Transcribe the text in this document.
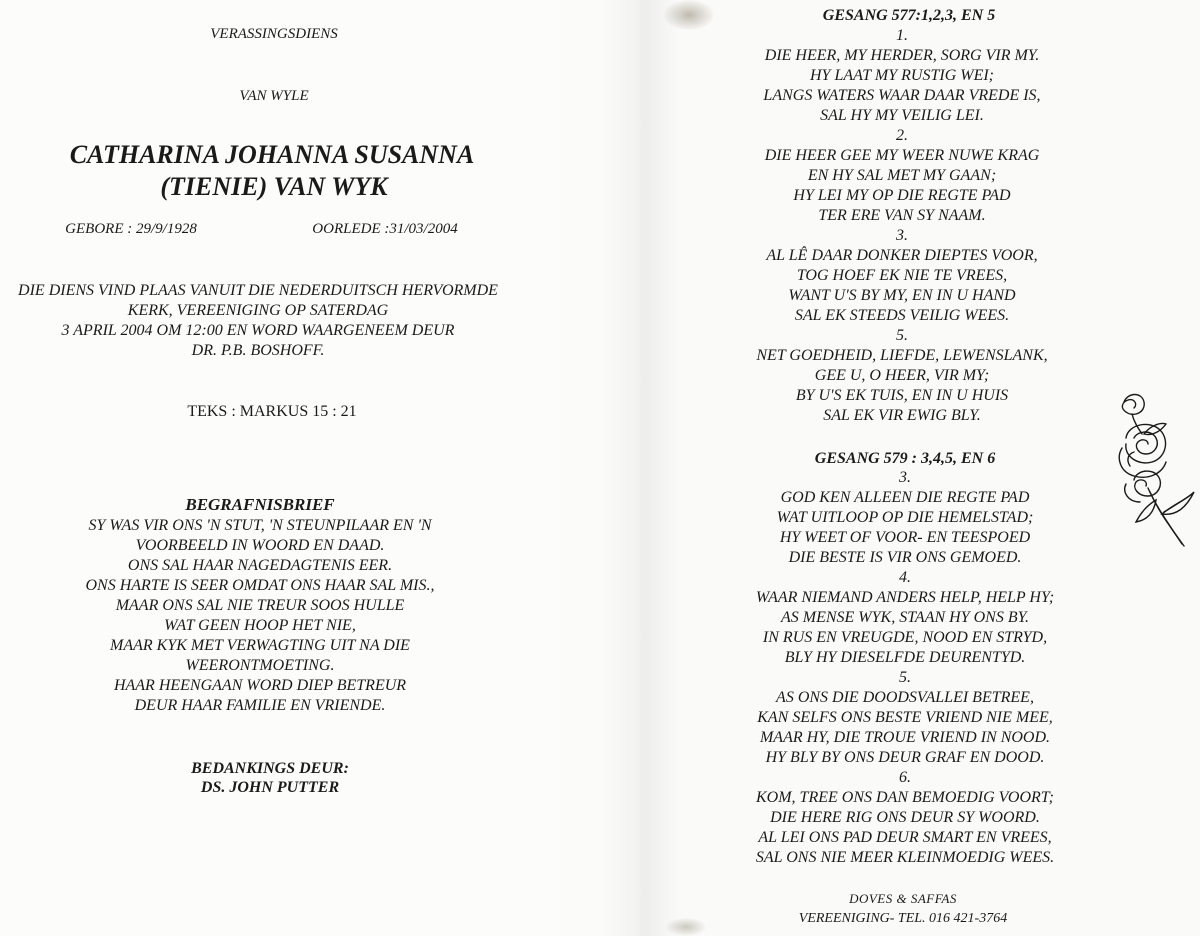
VERASSINGSDIENS
VAN WYLE
CATHARINA JOHANNA SUSANNA
(TIENIE) VAN WYK
GEBORE : 29/9/1928	OORLEDE :31/03/2004
DIE DIENS VIND PLAAS VANUIT DIE NEDERDUITSCH HERVORMDE
KERK, VEREENIGING OP SATERDAG
3 APRIL 2004 OM 12:00 EN WORD WAARGENEEM DEUR
DR. P.B. BOSHOFF.
TEKS : MARKUS 15 : 21
BEGRAFNISBRIEF
SY WAS VIR ONS 'N STUT, 'N STEUNPILAAR EN 'N
VOORBEELD IN WOORD EN DAAD.
ONS SAL HAAR NAGEDAGTENIS EER.
ONS HARTE IS SEER OMDAT ONS HAAR SAL MIS.,
MAAR ONS SAL NIE TREUR SOOS HULLE
WAT GEEN HOOP HET NIE,
MAAR KYK MET VERWAGTING UIT NA DIE
WEERONTMOETING.
HAAR HEENGAAN WORD DIEP BETREUR
DEUR HAAR FAMILIE EN VRIENDE.
BEDANKINGS DEUR:
DS. JOHN PUTTER
GESANG 577:1,2,3, EN 5
1.
DIE HEER, MY HERDER, SORG VIR MY.
HY LAAT MY RUSTIG WEI;
LANGS WATERS WAAR DAAR VREDE IS,
SAL HY MY VEILIG LEI.
2.
DIE HEER GEE MY WEER NUWE KRAG
EN HY SAL MET MY GAAN;
HY LEI MY OP DIE REGTE PAD
TER ERE VAN SY NAAM.
3.
AL LÊ DAAR DONKER DIEPTES VOOR,
TOG HOEF EK NIE TE VREES,
WANT U'S BY MY, EN IN U HAND
SAL EK STEEDS VEILIG WEES.
5.
NET GOEDHEID, LIEFDE, LEWENSLANK,
GEE U, O HEER, VIR MY;
BY U'S EK TUIS, EN IN U HUIS
SAL EK VIR EWIG BLY.
GESANG 579 : 3,4,5, EN 6
3.
GOD KEN ALLEEN DIE REGTE PAD
WAT UITLOOP OP DIE HEMELSTAD;
HY WEET OF VOOR- EN TEESPOED
DIE BESTE IS VIR ONS GEMOED.
4.
WAAR NIEMAND ANDERS HELP, HELP HY;
AS MENSE WYK, STAAN HY ONS BY.
IN RUS EN VREUGDE, NOOD EN STRYD,
BLY HY DIESELFDE DEURENTYD.
5.
AS ONS DIE DOODSVALLEI BETREE,
KAN SELFS ONS BESTE VRIEND NIE MEE,
MAAR HY, DIE TROUE VRIEND IN NOOD.
HY BLY BY ONS DEUR GRAF EN DOOD.
6.
KOM, TREE ONS DAN BEMOEDIG VOORT;
DIE HERE RIG ONS DEUR SY WOORD.
AL LEI ONS PAD DEUR SMART EN VREES,
SAL ONS NIE MEER KLEINMOEDIG WEES.
DOVES & SAFFAS
VEREENIGING- TEL. 016 421-3764
